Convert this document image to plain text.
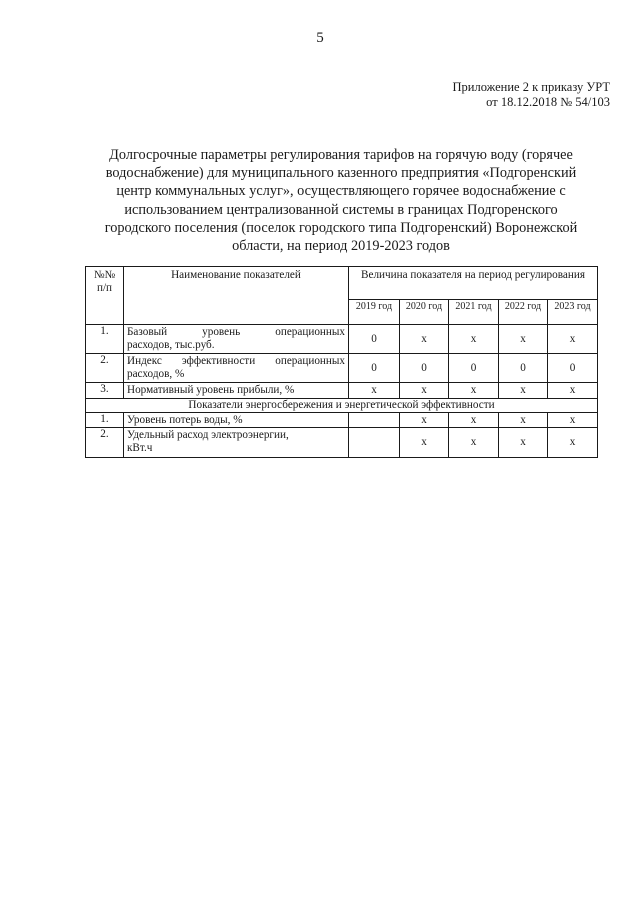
5
Приложение 2 к приказу УРТ
от 18.12.2018 № 54/103
Долгосрочные параметры регулирования тарифов на горячую воду (горячее
водоснабжение) для муниципального казенного предприятия «Подгоренский
центр коммунальных услуг», осуществляющего горячее водоснабжение с
использованием централизованной системы в границах Подгоренского
городского поселения (поселок городского типа Подгоренский) Воронежской
области, на период 2019-2023 годов
№№ п/п	Наименование показателей	Величина показателя на период регулирования				
		2019 год	2020 год	2021 год	2022 год	2023 год
1.	Базовый уровень операционных
расходов, тыс.руб.	0	x	x	x	x
2.	Индекс эффективности операционных
расходов, %	0	0	0	0	0
3.	Нормативный уровень прибыли, %	x	x	x	x	x
Показатели энергосбережения и энергетической эффективности						
1.	Уровень потерь воды, %		x	x	x	x
2.	Удельный расход электроэнергии,
кВт.ч		x	x	x	x
